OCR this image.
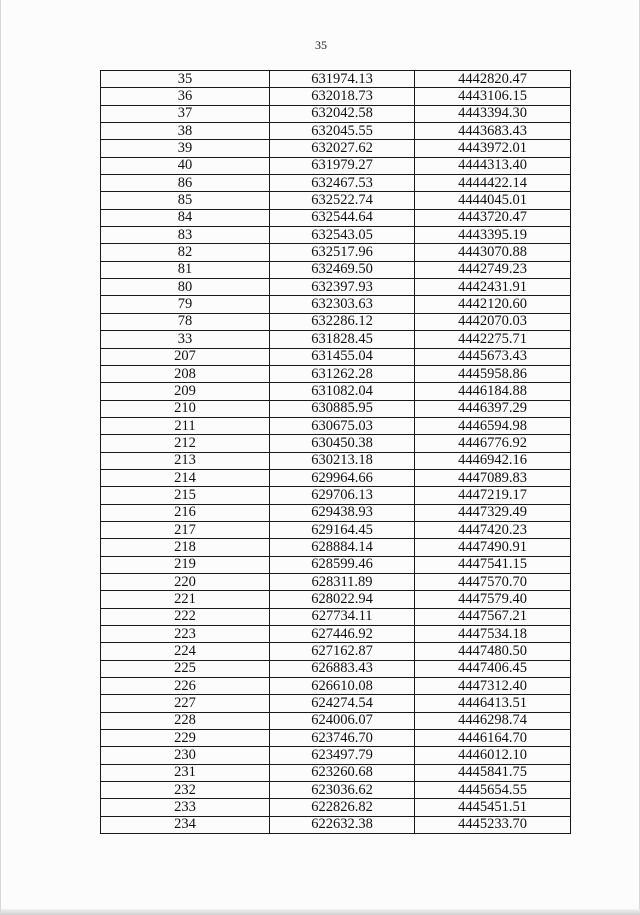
35
35	631974.13	4442820.47
36	632018.73	4443106.15
37	632042.58	4443394.30
38	632045.55	4443683.43
39	632027.62	4443972.01
40	631979.27	4444313.40
86	632467.53	4444422.14
85	632522.74	4444045.01
84	632544.64	4443720.47
83	632543.05	4443395.19
82	632517.96	4443070.88
81	632469.50	4442749.23
80	632397.93	4442431.91
79	632303.63	4442120.60
78	632286.12	4442070.03
33	631828.45	4442275.71
207	631455.04	4445673.43
208	631262.28	4445958.86
209	631082.04	4446184.88
210	630885.95	4446397.29
211	630675.03	4446594.98
212	630450.38	4446776.92
213	630213.18	4446942.16
214	629964.66	4447089.83
215	629706.13	4447219.17
216	629438.93	4447329.49
217	629164.45	4447420.23
218	628884.14	4447490.91
219	628599.46	4447541.15
220	628311.89	4447570.70
221	628022.94	4447579.40
222	627734.11	4447567.21
223	627446.92	4447534.18
224	627162.87	4447480.50
225	626883.43	4447406.45
226	626610.08	4447312.40
227	624274.54	4446413.51
228	624006.07	4446298.74
229	623746.70	4446164.70
230	623497.79	4446012.10
231	623260.68	4445841.75
232	623036.62	4445654.55
233	622826.82	4445451.51
234	622632.38	4445233.70
